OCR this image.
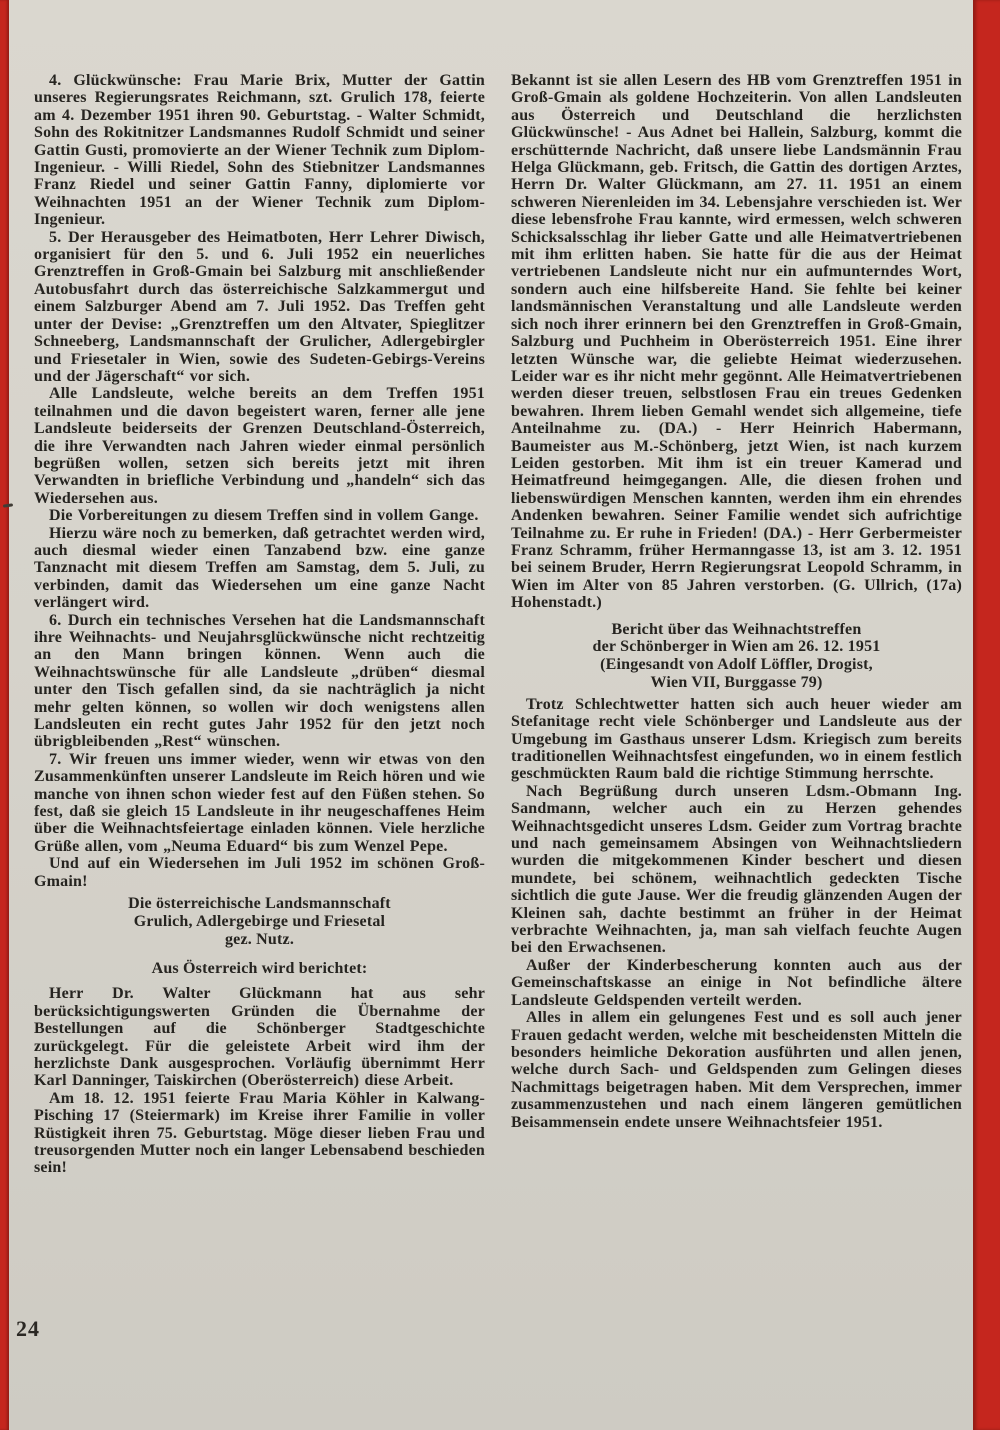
4. Glückwünsche: Frau Marie Brix, Mutter der Gattin unseres Regierungsrates Reichmann, szt. Grulich 178, feierte am 4. Dezember 1951 ihren 90. Geburtstag. - Walter Schmidt, Sohn des Rokitnitzer Landsmannes Rudolf Schmidt und seiner Gattin Gusti, promovierte an der Wiener Technik zum Diplom-Ingenieur. - Willi Riedel, Sohn des Stiebnitzer Landsmannes Franz Riedel und seiner Gattin Fanny, diplomierte vor Weihnachten 1951 an der Wiener Technik zum Diplom-Ingenieur.

5. Der Herausgeber des Heimatboten, Herr Lehrer Diwisch, organisiert für den 5. und 6. Juli 1952 ein neuerliches Grenztreffen in Groß-Gmain bei Salzburg mit anschließender Autobusfahrt durch das österreichische Salzkammergut und einem Salzburger Abend am 7. Juli 1952. Das Treffen geht unter der Devise: „Grenztreffen um den Altvater, Spieglitzer Schneeberg, Landsmannschaft der Grulicher, Adlergebirgler und Friesetaler in Wien, sowie des Sudeten-Gebirgs-Vereins und der Jägerschaft“ vor sich.

Alle Landsleute, welche bereits an dem Treffen 1951 teilnahmen und die davon begeistert waren, ferner alle jene Landsleute beiderseits der Grenzen Deutschland-Österreich, die ihre Verwandten nach Jahren wieder einmal persönlich begrüßen wollen, setzen sich bereits jetzt mit ihren Verwandten in briefliche Verbindung und „handeln“ sich das Wiedersehen aus.

Die Vorbereitungen zu diesem Treffen sind in vollem Gange.

Hierzu wäre noch zu bemerken, daß getrachtet werden wird, auch diesmal wieder einen Tanzabend bzw. eine ganze Tanznacht mit diesem Treffen am Samstag, dem 5. Juli, zu verbinden, damit das Wiedersehen um eine ganze Nacht verlängert wird.

6. Durch ein technisches Versehen hat die Landsmannschaft ihre Weihnachts- und Neujahrsglückwünsche nicht rechtzeitig an den Mann bringen können. Wenn auch die Weihnachtswünsche für alle Landsleute „drüben“ diesmal unter den Tisch gefallen sind, da sie nachträglich ja nicht mehr gelten können, so wollen wir doch wenigstens allen Landsleuten ein recht gutes Jahr 1952 für den jetzt noch übrigbleibenden „Rest“ wünschen.

7. Wir freuen uns immer wieder, wenn wir etwas von den Zusammenkünften unserer Landsleute im Reich hören und wie manche von ihnen schon wieder fest auf den Füßen stehen. So fest, daß sie gleich 15 Landsleute in ihr neugeschaffenes Heim über die Weihnachtsfeiertage einladen können. Viele herzliche Grüße allen, vom „Neuma Eduard“ bis zum Wenzel Pepe.

Und auf ein Wiedersehen im Juli 1952 im schönen Groß-Gmain!

Die österreichische Landsmannschaft
Grulich, Adlergebirge und Friesetal
gez. Nutz.
Aus Österreich wird berichtet:

Herr Dr. Walter Glückmann hat aus sehr berücksichtigungswerten Gründen die Übernahme der Bestellungen auf die Schönberger Stadtgeschichte zurückgelegt. Für die geleistete Arbeit wird ihm der herzlichste Dank ausgesprochen. Vorläufig übernimmt Herr Karl Danninger, Taiskirchen (Oberösterreich) diese Arbeit.

Am 18. 12. 1951 feierte Frau Maria Köhler in Kalwang-Pisching 17 (Steiermark) im Kreise ihrer Familie in voller Rüstigkeit ihren 75. Geburtstag. Möge dieser lieben Frau und treusorgenden Mutter noch ein langer Lebensabend beschieden sein!

Bekannt ist sie allen Lesern des HB vom Grenztreffen 1951 in Groß-Gmain als goldene Hochzeiterin. Von allen Landsleuten aus Österreich und Deutschland die herzlichsten Glückwünsche! - Aus Adnet bei Hallein, Salzburg, kommt die erschütternde Nachricht, daß unsere liebe Landsmännin Frau Helga Glückmann, geb. Fritsch, die Gattin des dortigen Arztes, Herrn Dr. Walter Glückmann, am 27. 11. 1951 an einem schweren Nierenleiden im 34. Lebensjahre verschieden ist. Wer diese lebensfrohe Frau kannte, wird ermessen, welch schweren Schicksalsschlag ihr lieber Gatte und alle Heimatvertriebenen mit ihm erlitten haben. Sie hatte für die aus der Heimat vertriebenen Landsleute nicht nur ein aufmunterndes Wort, sondern auch eine hilfsbereite Hand. Sie fehlte bei keiner landsmännischen Veranstaltung und alle Landsleute werden sich noch ihrer erinnern bei den Grenztreffen in Groß-Gmain, Salzburg und Puchheim in Oberösterreich 1951. Eine ihrer letzten Wünsche war, die geliebte Heimat wiederzusehen. Leider war es ihr nicht mehr gegönnt. Alle Heimatvertriebenen werden dieser treuen, selbstlosen Frau ein treues Gedenken bewahren. Ihrem lieben Gemahl wendet sich allgemeine, tiefe Anteilnahme zu. (DA.) - Herr Heinrich Habermann, Baumeister aus M.-Schönberg, jetzt Wien, ist nach kurzem Leiden gestorben. Mit ihm ist ein treuer Kamerad und Heimatfreund heimgegangen. Alle, die diesen frohen und liebenswürdigen Menschen kannten, werden ihm ein ehrendes Andenken bewahren. Seiner Familie wendet sich aufrichtige Teilnahme zu. Er ruhe in Frieden! (DA.) - Herr Gerbermeister Franz Schramm, früher Hermanngasse 13, ist am 3. 12. 1951 bei seinem Bruder, Herrn Regierungsrat Leopold Schramm, in Wien im Alter von 85 Jahren verstorben. (G. Ullrich, (17a) Hohenstadt.)

Bericht über das Weihnachtstreffen
der Schönberger in Wien am 26. 12. 1951
(Eingesandt von Adolf Löffler, Drogist,
Wien VII, Burggasse 79)

Trotz Schlechtwetter hatten sich auch heuer wieder am Stefanitage recht viele Schönberger und Landsleute aus der Umgebung im Gasthaus unserer Ldsm. Kriegisch zum bereits traditionellen Weihnachtsfest eingefunden, wo in einem festlich geschmückten Raum bald die richtige Stimmung herrschte.

Nach Begrüßung durch unseren Ldsm.-Obmann Ing. Sandmann, welcher auch ein zu Herzen gehendes Weihnachtsgedicht unseres Ldsm. Geider zum Vortrag brachte und nach gemeinsamem Absingen von Weihnachtsliedern wurden die mitgekommenen Kinder beschert und diesen mundete, bei schönem, weihnachtlich gedeckten Tische sichtlich die gute Jause. Wer die freudig glänzenden Augen der Kleinen sah, dachte bestimmt an früher in der Heimat verbrachte Weihnachten, ja, man sah vielfach feuchte Augen bei den Erwachsenen.

Außer der Kinderbescherung konnten auch aus der Gemeinschaftskasse an einige in Not befindliche ältere Landsleute Geldspenden verteilt werden.

Alles in allem ein gelungenes Fest und es soll auch jener Frauen gedacht werden, welche mit bescheidensten Mitteln die besonders heimliche Dekoration ausführten und allen jenen, welche durch Sach- und Geldspenden zum Gelingen dieses Nachmittags beigetragen haben. Mit dem Versprechen, immer zusammenzustehen und nach einem längeren gemütlichen Beisammensein endete unsere Weihnachtsfeier 1951.

24
